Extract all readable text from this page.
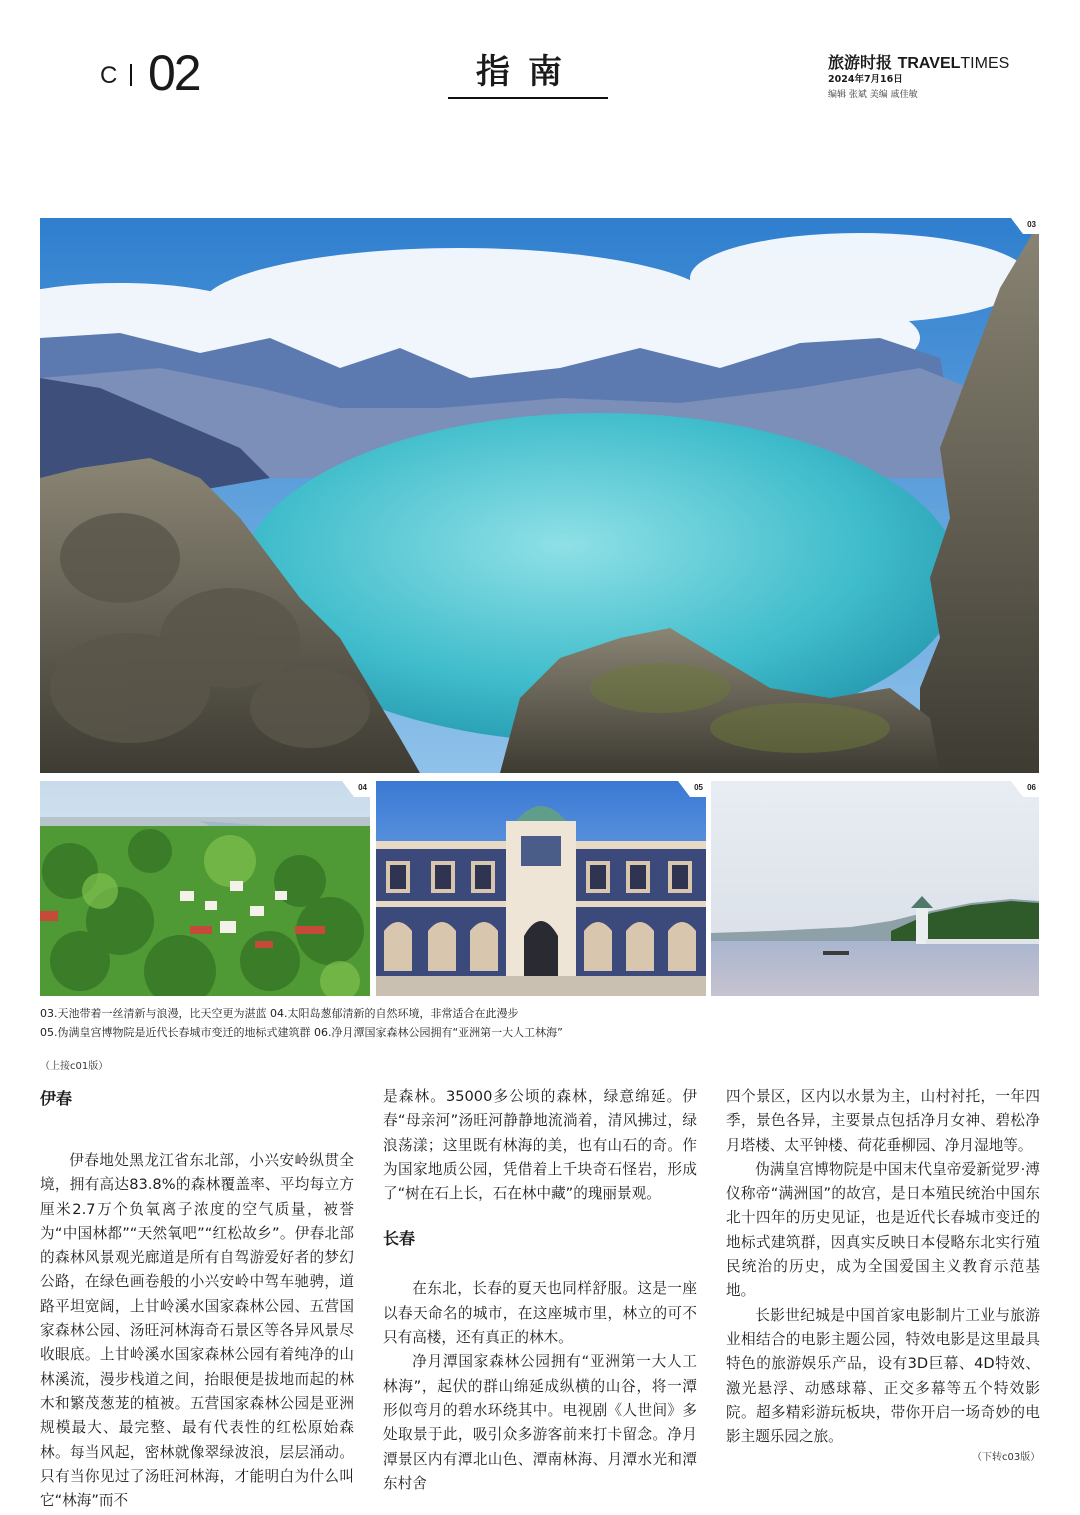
C 02	指南	旅游时报 TRAVELTIMES
2024年7月16日
编辑 张斌 美编 戚佳敏
03
04	05	06
03.天池带着一丝清新与浪漫，比天空更为湛蓝 04.太阳岛葱郁清新的自然环境，非常适合在此漫步
05.伪满皇宫博物院是近代长春城市变迁的地标式建筑群 06.净月潭国家森林公园拥有“亚洲第一大人工林海”
（上接c01版）
伊春

伊春地处黑龙江省东北部，小兴安岭纵贯全境，拥有高达83.8%的森林覆盖率、平均每立方厘米2.7万个负氧离子浓度的空气质量，被誉为“中国林都”“天然氧吧”“红松故乡”。伊春北部的森林风景观光廊道是所有自驾游爱好者的梦幻公路，在绿色画卷般的小兴安岭中驾车驰骋，道路平坦宽阔，上甘岭溪水国家森林公园、五营国家森林公园、汤旺河林海奇石景区等各异风景尽收眼底。上甘岭溪水国家森林公园有着纯净的山林溪流，漫步栈道之间，抬眼便是拔地而起的林木和繁茂葱茏的植被。五营国家森林公园是亚洲规模最大、最完整、最有代表性的红松原始森林。每当风起，密林就像翠绿波浪，层层涌动。只有当你见过了汤旺河林海，才能明白为什么叫它“林海”而不

是森林。35000多公顷的森林，绿意绵延。伊春“母亲河”汤旺河静静地流淌着，清风拂过，绿浪荡漾；这里既有林海的美，也有山石的奇。作为国家地质公园，凭借着上千块奇石怪岩，形成了“树在石上长，石在林中藏”的瑰丽景观。

长春

在东北，长春的夏天也同样舒服。这是一座以春天命名的城市，在这座城市里，林立的可不只有高楼，还有真正的林木。

净月潭国家森林公园拥有“亚洲第一大人工林海”，起伏的群山绵延成纵横的山谷，将一潭形似弯月的碧水环绕其中。电视剧《人世间》多处取景于此，吸引众多游客前来打卡留念。净月潭景区内有潭北山色、潭南林海、月潭水光和潭东村舍

四个景区，区内以水景为主，山村衬托，一年四季，景色各异，主要景点包括净月女神、碧松净月塔楼、太平钟楼、荷花垂柳园、净月湿地等。

伪满皇宫博物院是中国末代皇帝爱新觉罗·溥仪称帝“满洲国”的故宫，是日本殖民统治中国东北十四年的历史见证，也是近代长春城市变迁的地标式建筑群，因真实反映日本侵略东北实行殖民统治的历史，成为全国爱国主义教育示范基地。

长影世纪城是中国首家电影制片工业与旅游业相结合的电影主题公园，特效电影是这里最具特色的旅游娱乐产品，设有3D巨幕、4D特效、激光悬浮、动感球幕、正交多幕等五个特效影院。超多精彩游玩板块，带你开启一场奇妙的电影主题乐园之旅。

（下转c03版）
